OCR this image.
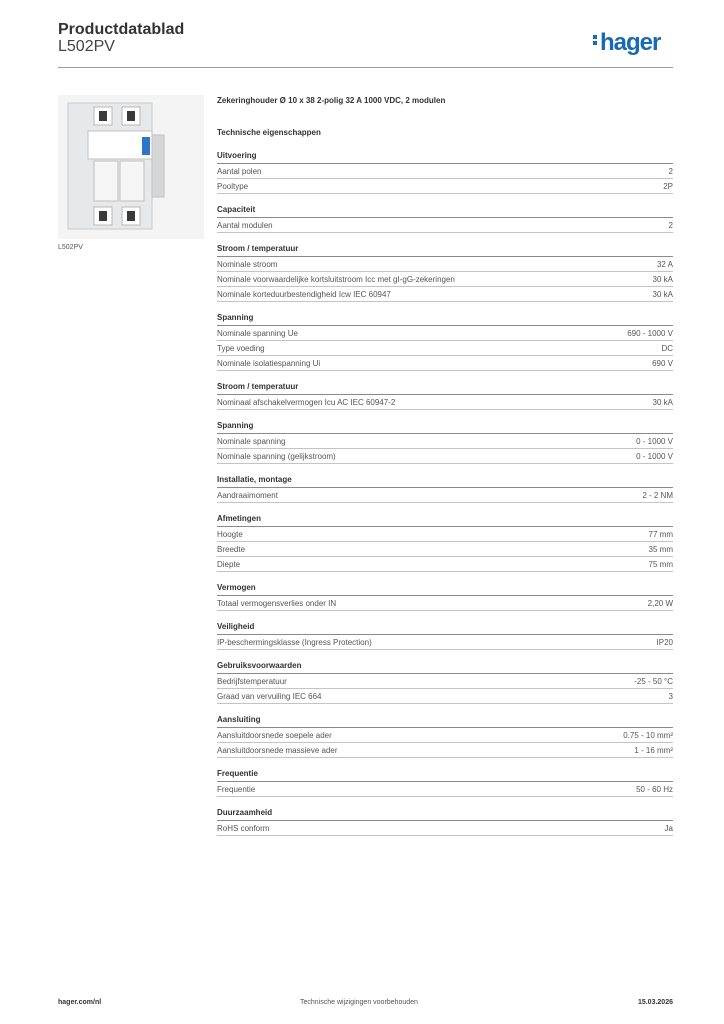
Productdatablad
L502PV	hager
L502PV
Zekeringhouder Ø 10 x 38 2-polig 32 A 1000 VDC, 2 modulen
Technische eigenschappen
Uitvoering
Aantal polen	2
Pooltype	2P
Capaciteit
Aantal modulen	2
Stroom / temperatuur
Nominale stroom	32 A
Nominale voorwaardelijke kortsluitstroom Icc met gI-gG-zekeringen	30 kA
Nominale korteduurbestendigheid Icw IEC 60947	30 kA
Spanning
Nominale spanning Ue	690 - 1000 V
Type voeding	DC
Nominale isolatiespanning Ui	690 V
Stroom / temperatuur
Nominaal afschakelvermogen Icu AC IEC 60947-2	30 kA
Spanning
Nominale spanning	0 - 1000 V
Nominale spanning (gelijkstroom)	0 - 1000 V
Installatie, montage
Aandraaimoment	2 - 2 NM
Afmetingen
Hoogte	77 mm
Breedte	35 mm
Diepte	75 mm
Vermogen
Totaal vermogensverlies onder IN	2,20 W
Veiligheid
IP-beschermingsklasse (Ingress Protection)	IP20
Gebruiksvoorwaarden
Bedrijfstemperatuur	-25 - 50 °C
Graad van vervuiling IEC 664	3
Aansluiting
Aansluitdoorsnede soepele ader	0.75 - 10 mm²
Aansluitdoorsnede massieve ader	1 - 16 mm²
Frequentie
Frequentie	50 - 60 Hz
Duurzaamheid
RoHS conform	Ja
hager.com/nl	Technische wijzigingen voorbehouden	15.03.2026
